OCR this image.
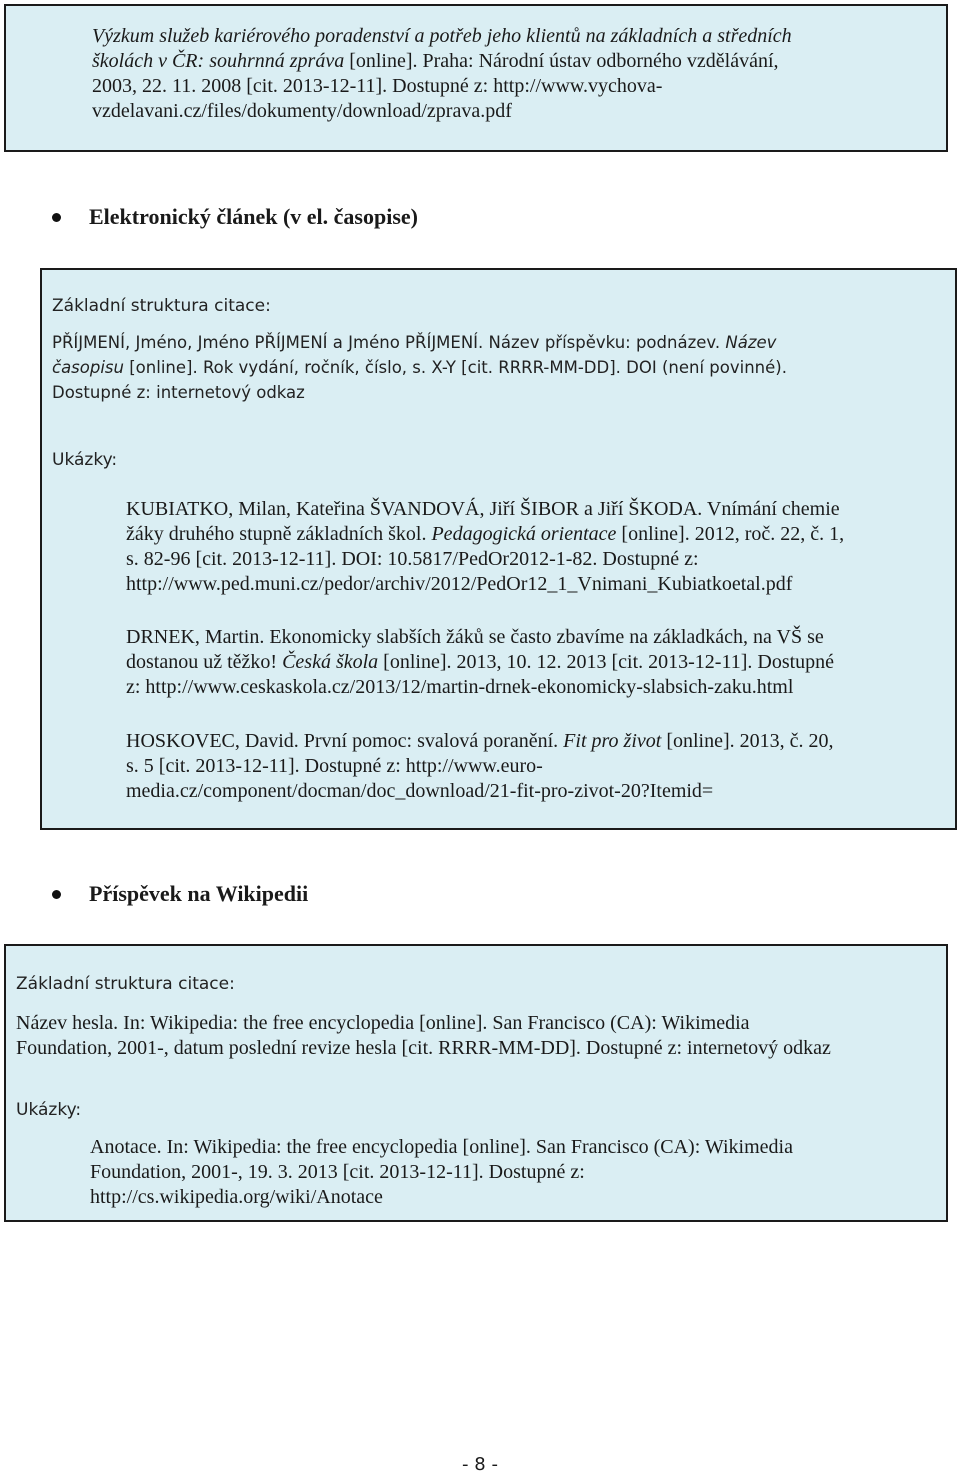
Výzkum služeb kariérového poradenství a potřeb jeho klientů na základních a středních

školách v ČR: souhrnná zpráva [online]. Praha: Národní ústav odborného vzdělávání,

2003, 22. 11. 2008 [cit. 2013-12-11]. Dostupné z: http://www.vychova-

vzdelavani.cz/files/dokumenty/download/zprava.pdf

Elektronický článek (v el. časopise)
Základní struktura citace:

PŘÍJMENÍ, Jméno, Jméno PŘÍJMENÍ a Jméno PŘÍJMENÍ. Název příspěvku: podnázev. Název

časopisu [online]. Rok vydání, ročník, číslo, s. X-Y [cit. RRRR-MM-DD]. DOI (není povinné).

Dostupné z: internetový odkaz

Ukázky:

KUBIATKO, Milan, Kateřina ŠVANDOVÁ, Jiří ŠIBOR a Jiří ŠKODA. Vnímání chemie

žáky druhého stupně základních škol. Pedagogická orientace [online]. 2012, roč. 22, č. 1,

s. 82-96 [cit. 2013-12-11]. DOI: 10.5817/PedOr2012-1-82. Dostupné z:

http://www.ped.muni.cz/pedor/archiv/2012/PedOr12_1_Vnimani_Kubiatkoetal.pdf

DRNEK, Martin. Ekonomicky slabších žáků se často zbavíme na základkách, na VŠ se

dostanou už těžko! Česká škola [online]. 2013, 10. 12. 2013 [cit. 2013-12-11]. Dostupné

z: http://www.ceskaskola.cz/2013/12/martin-drnek-ekonomicky-slabsich-zaku.html

HOSKOVEC, David. První pomoc: svalová poranění. Fit pro život [online]. 2013, č. 20,

s. 5 [cit. 2013-12-11]. Dostupné z: http://www.euro-

media.cz/component/docman/doc_download/21-fit-pro-zivot-20?Itemid=

Příspěvek na Wikipedii
Základní struktura citace:

Název hesla. In: Wikipedia: the free encyclopedia [online]. San Francisco (CA): Wikimedia

Foundation, 2001-, datum poslední revize hesla [cit. RRRR-MM-DD]. Dostupné z: internetový odkaz

Ukázky:

Anotace. In: Wikipedia: the free encyclopedia [online]. San Francisco (CA): Wikimedia

Foundation, 2001-, 19. 3. 2013 [cit. 2013-12-11]. Dostupné z:

http://cs.wikipedia.org/wiki/Anotace

- 8 -
